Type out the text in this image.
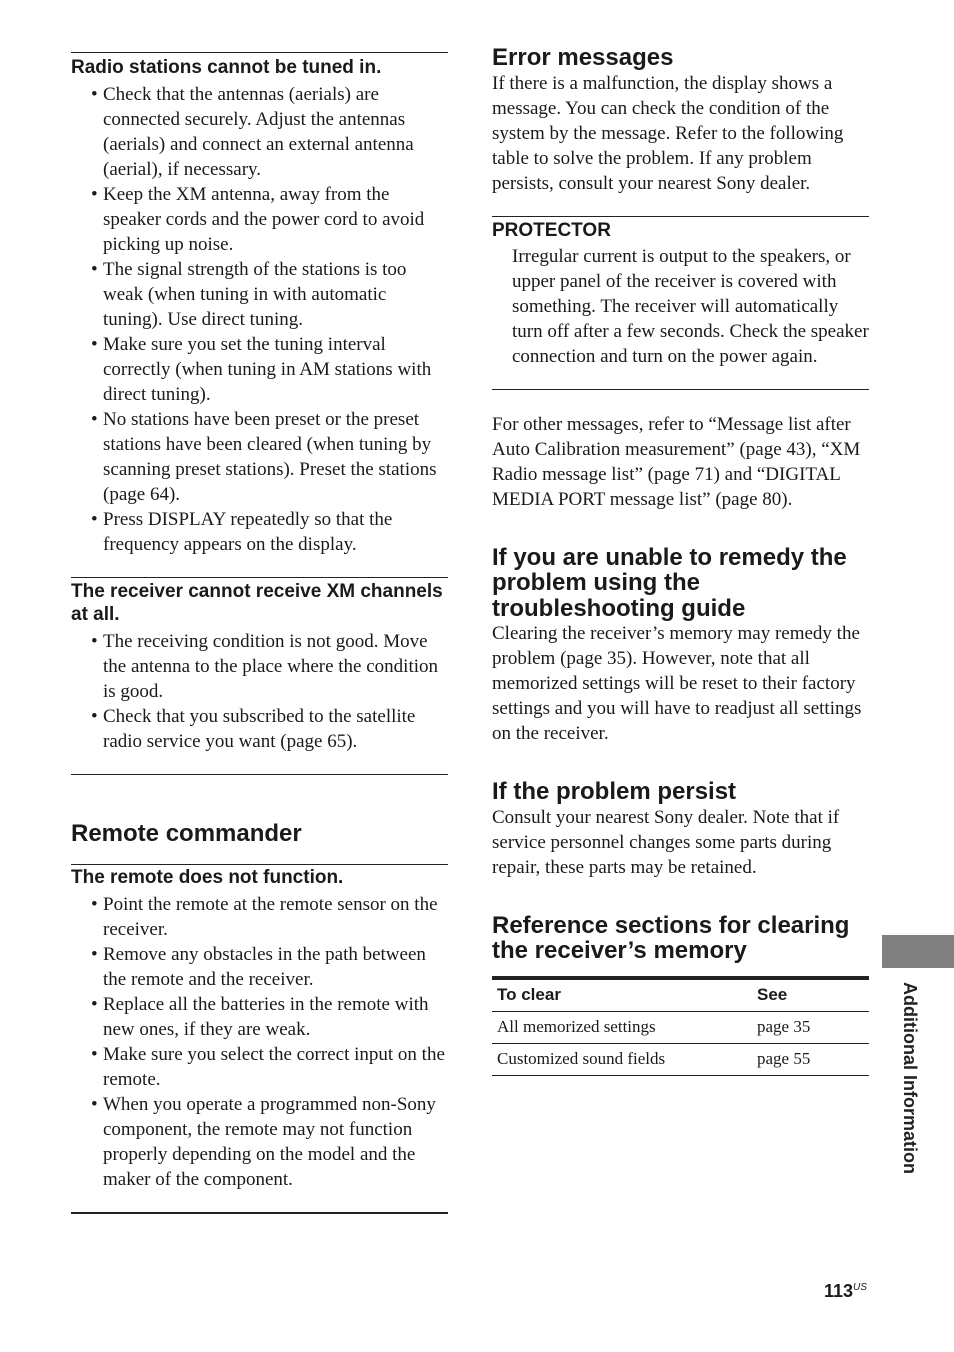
Radio stations cannot be tuned in.
• Check that the antennas (aerials) are connected securely. Adjust the antennas (aerials) and connect an external antenna (aerial), if necessary.
• Keep the XM antenna, away from the speaker cords and the power cord to avoid picking up noise.
• The signal strength of the stations is too weak (when tuning in with automatic tuning). Use direct tuning.
• Make sure you set the tuning interval correctly (when tuning in AM stations with direct tuning).
• No stations have been preset or the preset stations have been cleared (when tuning by scanning preset stations). Preset the stations (page 64).
• Press DISPLAY repeatedly so that the frequency appears on the display.
The receiver cannot receive XM channels at all.
• The receiving condition is not good. Move the antenna to the place where the condition is good.
• Check that you subscribed to the satellite radio service you want (page 65).
Remote commander
The remote does not function.
• Point the remote at the remote sensor on the receiver.
• Remove any obstacles in the path between the remote and the receiver.
• Replace all the batteries in the remote with new ones, if they are weak.
• Make sure you select the correct input on the remote.
• When you operate a programmed non-Sony component, the remote may not function properly depending on the model and the maker of the component.
Error messages

If there is a malfunction, the display shows a message. You can check the condition of the system by the message. Refer to the following table to solve the problem. If any problem persists, consult your nearest Sony dealer.

PROTECTOR

Irregular current is output to the speakers, or upper panel of the receiver is covered with something. The receiver will automatically turn off after a few seconds. Check the speaker connection and turn on the power again.

For other messages, refer to “Message list after Auto Calibration measurement” (page 43), “XM Radio message list” (page 71) and “DIGITAL MEDIA PORT message list” (page 80).

If you are unable to remedy the problem using the troubleshooting guide

Clearing the receiver’s memory may remedy the problem (page 35). However, note that all memorized settings will be reset to their factory settings and you will have to readjust all settings on the receiver.

If the problem persist

Consult your nearest Sony dealer. Note that if service personnel changes some parts during repair, these parts may be retained.

Reference sections for clearing the receiver’s memory
To clear	See
All memorized settings	page 35
Customized sound fields	page 55	Additional Information
$113^{US}$
